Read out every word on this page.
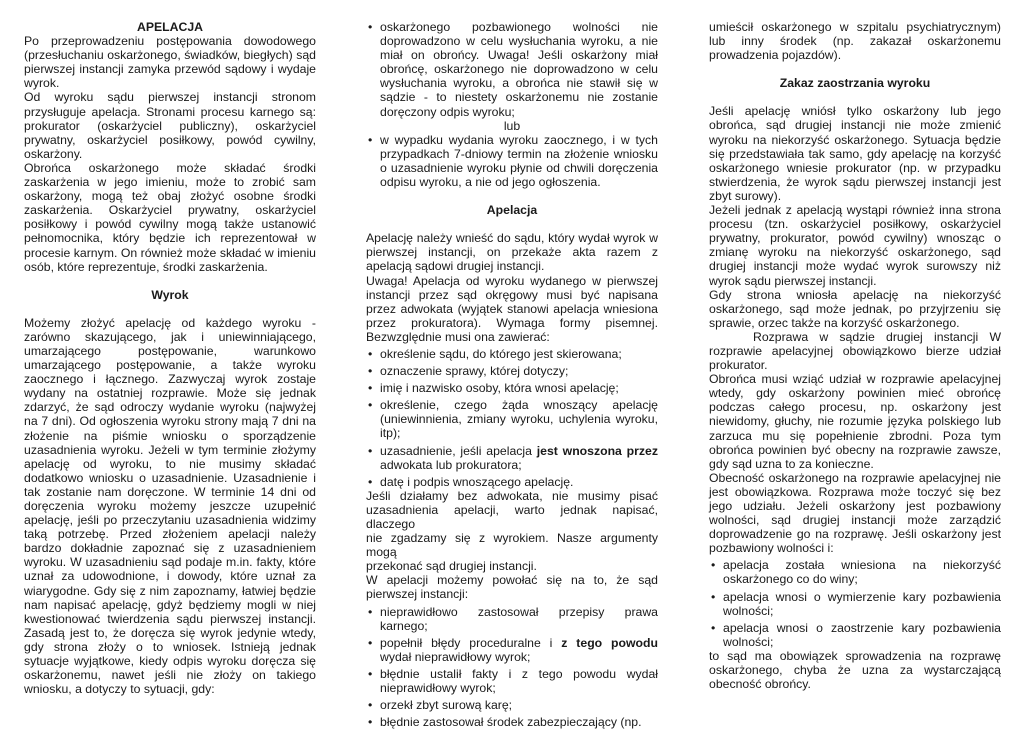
APELACJA

Po przeprowadzeniu postępowania dowodowego (przesłuchaniu oskarżonego, świadków, biegłych) sąd pierwszej instancji zamyka przewód sądowy i wydaje wyrok.

Od wyroku sądu pierwszej instancji stronom przysługuje apelacja. Stronami procesu karnego są: prokurator (oskarżyciel publiczny), oskarżyciel prywatny, oskarżyciel posiłkowy, powód cywilny, oskarżony.

Obrońca oskarżonego może składać środki zaskarżenia w jego imieniu, może to zrobić sam oskarżony, mogą też obaj złożyć osobne środki zaskarżenia. Oskarżyciel prywatny, oskarżyciel posiłkowy i powód cywilny mogą także ustanowić pełnomocnika, który będzie ich reprezentował w procesie karnym. On również może składać w imieniu osób, które reprezentuje, środki zaskarżenia.

Wyrok

Możemy złożyć apelację od każdego wyroku - zarówno skazującego, jak i uniewinniającego, umarzającego postępowanie, warunkowo umarzającego postępowanie, a także wyroku zaocznego i łącznego. Zazwyczaj wyrok zostaje wydany na ostatniej rozprawie. Może się jednak zdarzyć, że sąd odroczy wydanie wyroku (najwyżej na 7 dni). Od ogłoszenia wyroku strony mają 7 dni na złożenie na piśmie wniosku o sporządzenie uzasadnienia wyroku. Jeżeli w tym terminie złożymy apelację od wyroku, to nie musimy składać dodatkowo wniosku o uzasadnienie. Uzasadnienie i tak zostanie nam doręczone. W terminie 14 dni od doręczenia wyroku możemy jeszcze uzupełnić apelację, jeśli po przeczytaniu uzasadnienia widzimy taką potrzebę. Przed złożeniem apelacji należy bardzo dokładnie zapoznać się z uzasadnieniem wyroku. W uzasadnieniu sąd podaje m.in. fakty, które uznał za udowodnione, i dowody, które uznał za wiarygodne. Gdy się z nim zapoznamy, łatwiej będzie nam napisać apelację, gdyż będziemy mogli w niej kwestionować twierdzenia sądu pierwszej instancji. Zasadą jest to, że doręcza się wyrok jedynie wtedy, gdy strona złoży o to wniosek. Istnieją jednak sytuacje wyjątkowe, kiedy odpis wyroku doręcza się oskarżonemu, nawet jeśli nie złoży on takiego wniosku, a dotyczy to sytuacji, gdy:

• oskarżonego pozbawionego wolności nie doprowadzono w celu wysłuchania wyroku, a nie miał on obrońcy. Uwaga! Jeśli oskarżony miał obrońcę, oskarżonego nie doprowadzono w celu wysłuchania wyroku, a obrońca nie stawił się w sądzie - to niestety oskarżonemu nie zostanie doręczony odpis wyroku;

lub

• w wypadku wydania wyroku zaocznego, i w tych przypadkach 7-dniowy termin na złożenie wniosku o uzasadnienie wyroku płynie od chwili doręczenia odpisu wyroku, a nie od jego ogłoszenia.

Apelacja

Apelację należy wnieść do sądu, który wydał wyrok w pierwszej instancji, on przekaże akta razem z apelacją sądowi drugiej instancji.

Uwaga! Apelacja od wyroku wydanego w pierwszej instancji przez sąd okręgowy musi być napisana przez adwokata (wyjątek stanowi apelacja wniesiona przez prokuratora). Wymaga formy pisemnej. Bezwzględnie musi ona zawierać:

• określenie sądu, do którego jest skierowana;

• oznaczenie sprawy, której dotyczy;

• imię i nazwisko osoby, która wnosi apelację;

• określenie, czego żąda wnoszący apelację (uniewinnienia, zmiany wyroku, uchylenia wyroku, itp);

• uzasadnienie, jeśli apelacja jest wnoszona przez adwokata lub prokuratora;

• datę i podpis wnoszącego apelację.

Jeśli działamy bez adwokata, nie musimy pisać uzasadnienia apelacji, warto jednak napisać, dlaczego

nie zgadzamy się z wyrokiem. Nasze argumenty mogą

przekonać sąd drugiej instancji.

W apelacji możemy powołać się na to, że sąd pierwszej instancji:

• nieprawidłowo zastosował przepisy prawa karnego;

• popełnił błędy proceduralne i z tego powodu wydał nieprawidłowy wyrok;

• błędnie ustalił fakty i z tego powodu wydał nieprawidłowy wyrok;

• orzekł zbyt surową karę;

• błędnie zastosował środek zabezpieczający (np.

umieścił oskarżonego w szpitalu psychiatrycznym) lub inny środek (np. zakazał oskarżonemu prowadzenia pojazdów).

Zakaz zaostrzania wyroku

Jeśli apelację wniósł tylko oskarżony lub jego obrońca, sąd drugiej instancji nie może zmienić wyroku na niekorzyść oskarżonego. Sytuacja będzie się przedstawiała tak samo, gdy apelację na korzyść oskarżonego wniesie prokurator (np. w przypadku stwierdzenia, że wyrok sądu pierwszej instancji jest zbyt surowy).

Jeżeli jednak z apelacją wystąpi również inna strona procesu (tzn. oskarżyciel posiłkowy, oskarżyciel prywatny, prokurator, powód cywilny) wnosząc o zmianę wyroku na niekorzyść oskarżonego, sąd drugiej instancji może wydać wyrok surowszy niż wyrok sądu pierwszej instancji.

Gdy strona wniosła apelację na niekorzyść oskarżonego, sąd może jednak, po przyjrzeniu się sprawie, orzec także na korzyść oskarżonego.

Rozprawa w sądzie drugiej instancji W rozprawie apelacyjnej obowiązkowo bierze udział prokurator.

Obrońca musi wziąć udział w rozprawie apelacyjnej wtedy, gdy oskarżony powinien mieć obrońcę podczas całego procesu, np. oskarżony jest niewidomy, głuchy, nie rozumie języka polskiego lub zarzuca mu się popełnienie zbrodni. Poza tym obrońca powinien być obecny na rozprawie zawsze, gdy sąd uzna to za konieczne.

Obecność oskarżonego na rozprawie apelacyjnej nie jest obowiązkowa. Rozprawa może toczyć się bez jego udziału. Jeżeli oskarżony jest pozbawiony wolności, sąd drugiej instancji może zarządzić doprowadzenie go na rozprawę. Jeśli oskarżony jest pozbawiony wolności i:

• apelacja została wniesiona na niekorzyść oskarżonego co do winy;

• apelacja wnosi o wymierzenie kary pozbawienia wolności;

• apelacja wnosi o zaostrzenie kary pozbawienia wolności;

to sąd ma obowiązek sprowadzenia na rozprawę oskarżonego, chyba że uzna za wystarczającą obecność obrońcy.
